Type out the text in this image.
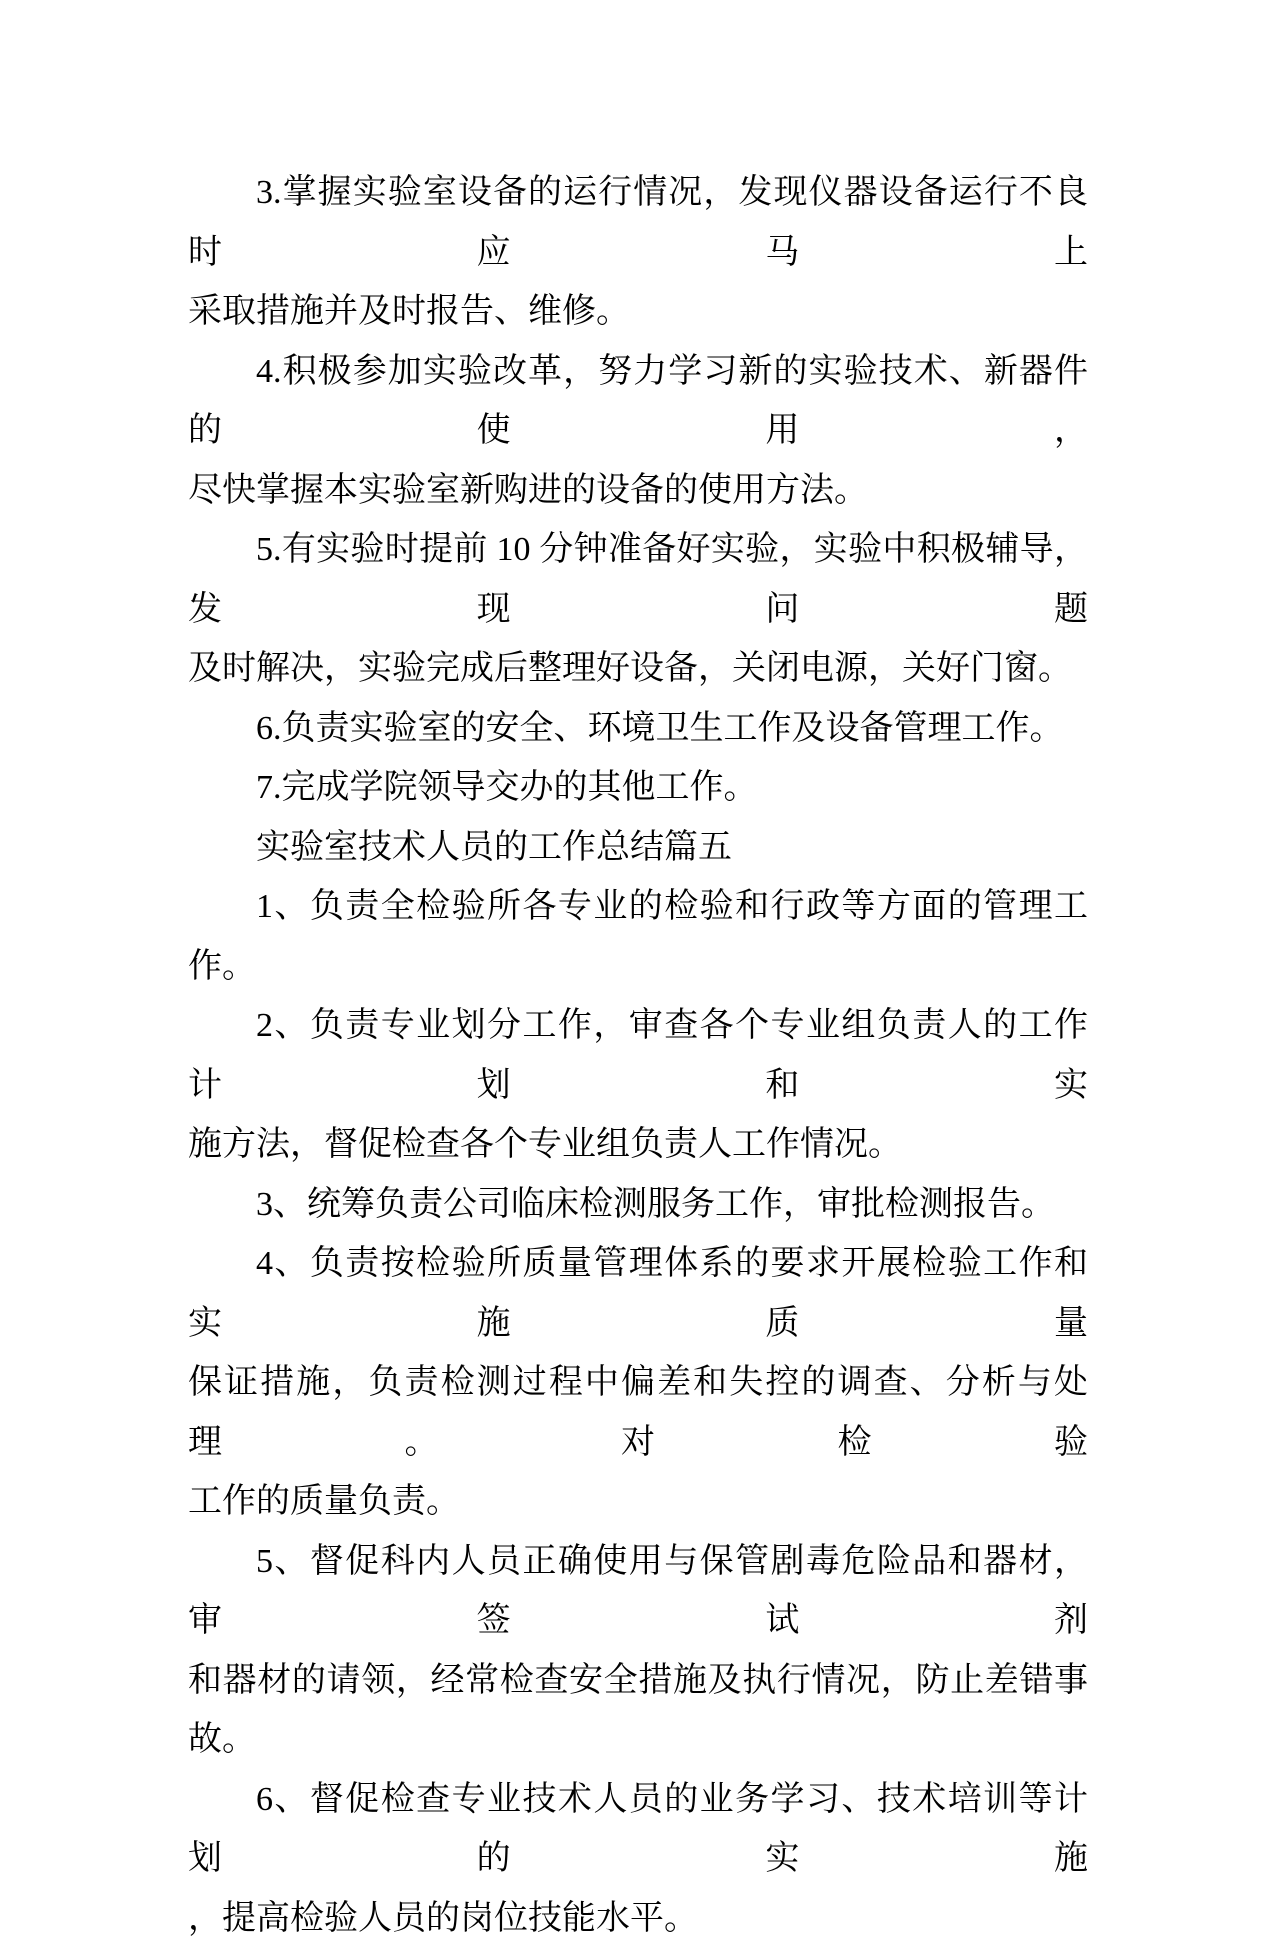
3.掌握实验室设备的运行情况，发现仪器设备运行不良时应马上
采取措施并及时报告、维修。

4.积极参加实验改革，努力学习新的实验技术、新器件的使用，
尽快掌握本实验室新购进的设备的使用方法。

5.有实验时提前 10 分钟准备好实验，实验中积极辅导，发现问题
及时解决，实验完成后整理好设备，关闭电源，关好门窗。

6.负责实验室的安全、环境卫生工作及设备管理工作。

7.完成学院领导交办的其他工作。

实验室技术人员的工作总结篇五

1、负责全检验所各专业的检验和行政等方面的管理工作。

2、负责专业划分工作，审查各个专业组负责人的工作计划和实
施方法，督促检查各个专业组负责人工作情况。

3、统筹负责公司临床检测服务工作，审批检测报告。

4、负责按检验所质量管理体系的要求开展检验工作和实施质量
保证措施，负责检测过程中偏差和失控的调查、分析与处理。对检验
工作的质量负责。

5、督促科内人员正确使用与保管剧毒危险品和器材，审签试剂
和器材的请领，经常检查安全措施及执行情况，防止差错事故。

6、督促检查专业技术人员的业务学习、技术培训等计划的实施
，提高检验人员的岗位技能水平。
